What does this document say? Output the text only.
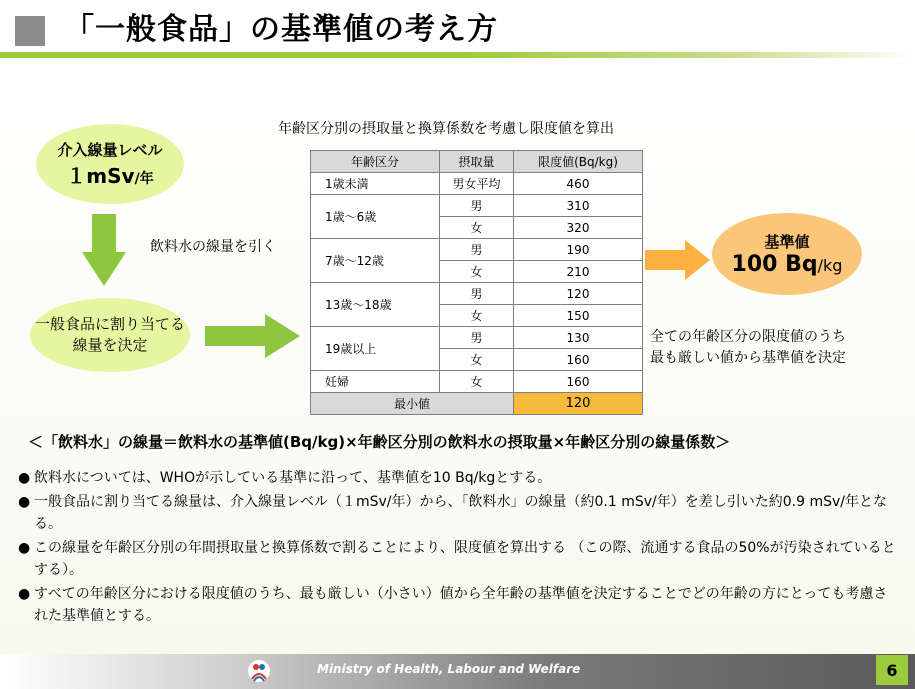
「一般食品」の基準値の考え方
年齢区分別の摂取量と換算係数を考慮し限度値を算出
介入線量レベル
１mSv/年
飲料水の線量を引く
一般食品に割り当てる
線量を決定
年齢区分	摂取量	限度値(Bq/kg)
1歳未満	男女平均	460
1歳～6歳	男	310
	女	320
7歳～12歳	男	190
	女	210
13歳～18歳	男	120
	女	150
19歳以上	男	130
	女	160
妊婦	女	160
最小値		120
基準値
100 Bq/kg
全ての年齢区分の限度値のうち
最も厳しい値から基準値を決定
＜「飲料水」の線量＝飲料水の基準値(Bq/kg)×年齢区分別の飲料水の摂取量×年齢区分別の線量係数＞
● 飲料水については、WHOが示している基準に沿って、基準値を10 Bq/kgとする。
● 一般食品に割り当てる線量は、介入線量レベル（１mSv/年）から、「飲料水」の線量（約0.1 mSv/年）を差し引いた約0.9 mSv/年となる。
● この線量を年齢区分別の年間摂取量と換算係数で割ることにより、限度値を算出する （この際、流通する食品の50%が汚染されているとする）。
● すべての年齢区分における限度値のうち、最も厳しい（小さい）値から全年齢の基準値を決定することでどの年齢の方にとっても考慮された基準値とする。
Ministry of Health, Labour and Welfare	6
